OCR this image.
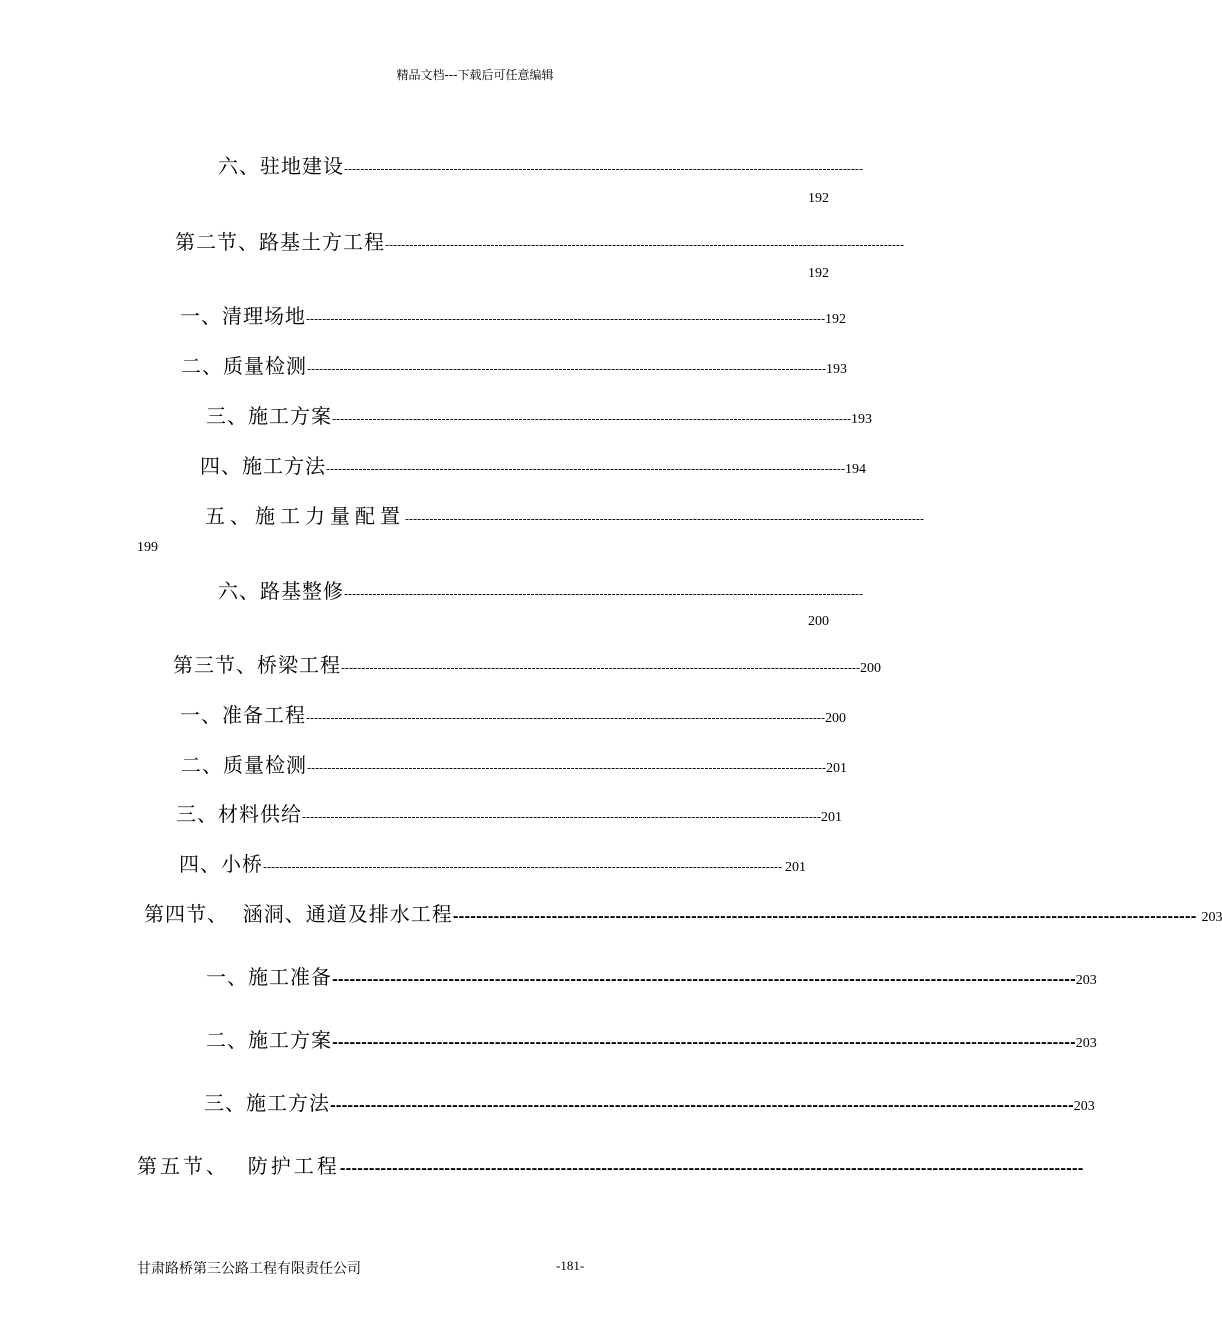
精品文档---下载后可任意编辑
六、驻地建设 --------------------------------------------------------------------------------------------------------------------------------
192
第二节、路基土方工程 --------------------------------------------------------------------------------------------------------------------------------
192
一、清理场地 -------------------------------------------------------------------------------------------------------------------------------- 192
二、质量检测 -------------------------------------------------------------------------------------------------------------------------------- 193
三、施工方案 -------------------------------------------------------------------------------------------------------------------------------- 193
四、施工方法 -------------------------------------------------------------------------------------------------------------------------------- 194
五、施工力量配置 --------------------------------------------------------------------------------------------------------------------------------
199
六、路基整修 --------------------------------------------------------------------------------------------------------------------------------
200
第三节、桥梁工程 -------------------------------------------------------------------------------------------------------------------------------- 200
一、准备工程 -------------------------------------------------------------------------------------------------------------------------------- 200
二、质量检测 -------------------------------------------------------------------------------------------------------------------------------- 201
三、材料供给 -------------------------------------------------------------------------------------------------------------------------------- 201
四、小桥 -------------------------------------------------------------------------------------------------------------------------------- 201
第四节、  涵洞、通道及排水工程 -------------------------------------------------------------------------------------------------------------------------------- 203
一、施工准备 -------------------------------------------------------------------------------------------------------------------------------- 203
二、施工方案 -------------------------------------------------------------------------------------------------------------------------------- 203
三、施工方法 -------------------------------------------------------------------------------------------------------------------------------- 203
第五节、  防护工程 --------------------------------------------------------------------------------------------------------------------------------
甘肃路桥第三公路工程有限责任公司	-181-
